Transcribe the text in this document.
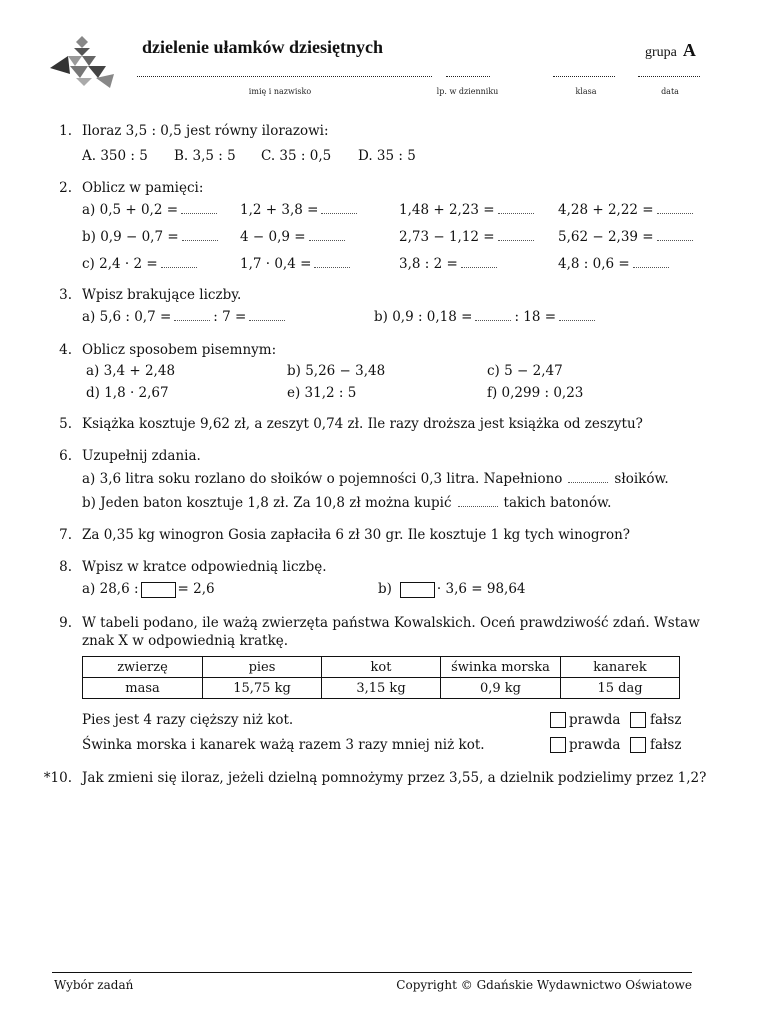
dzielenie ułamków dziesiętnych	grupa A
imię i nazwisko	lp. w dzienniku	klasa	data
1. Iloraz 3,5 : 0,5 jest równy ilorazowi:
A. 350 : 5 B. 3,5 : 5 C. 35 : 0,5 D. 35 : 5
2. Oblicz w pamięci:
a) 0,5 + 0,2 =	1,2 + 3,8 =	1,48 + 2,23 =	4,28 + 2,22 =
b) 0,9 − 0,7 =	4 − 0,9 =	2,73 − 1,12 =	5,62 − 2,39 =
c) 2,4 · 2 =	1,7 · 0,4 =	3,8 : 2 =	4,8 : 0,6 =
3. Wpisz brakujące liczby.
a) 5,6 : 0,7 =	: 7 =	b) 0,9 : 0,18 =	: 18 =
4. Oblicz sposobem pisemnym:
a) 3,4 + 2,48	b) 5,26 − 3,48	c) 5 − 2,47
d) 1,8 · 2,67	e) 31,2 : 5	f) 0,299 : 0,23
5. Książka kosztuje 9,62 zł, a zeszyt 0,74 zł. Ile razy droższa jest książka od zeszytu?
6. Uzupełnij zdania.
a) 3,6 litra soku rozlano do słoików o pojemności 0,3 litra. Napełniono	słoików.
b) Jeden baton kosztuje 1,8 zł. Za 10,8 zł można kupić	takich batonów.
7. Za 0,35 kg winogron Gosia zapłaciła 6 zł 30 gr. Ile kosztuje 1 kg tych winogron?
8. Wpisz w kratce odpowiednią liczbę.
a) 28,6 :	= 2,6	b)	· 3,6 = 98,64
9. W tabeli podano, ile ważą zwierzęta państwa Kowalskich. Oceń prawdziwość zdań. Wstaw
znak X w odpowiednią kratkę.
zwierzę	pies	kot	świnka morska	kanarek
masa	15,75 kg	3,15 kg	0,9 kg	15 dag
Pies jest 4 razy cięższy niż kot.	prawda fałsz
Świnka morska i kanarek ważą razem 3 razy mniej niż kot.	prawda fałsz
*10. Jak zmieni się iloraz, jeżeli dzielną pomnożymy przez 3,55, a dzielnik podzielimy przez 1,2?
Wybór zadań	Copyright © Gdańskie Wydawnictwo Oświatowe
